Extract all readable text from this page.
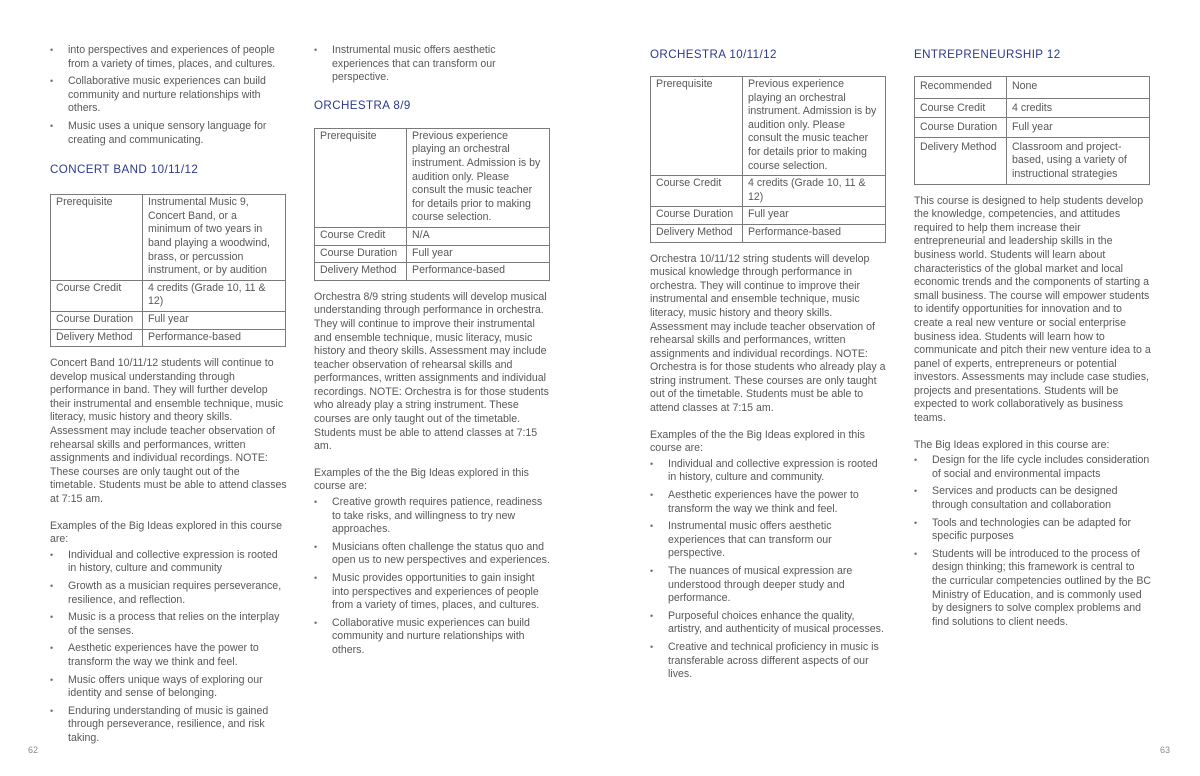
• into perspectives and experiences of people from a variety of times, places, and cultures.
• Collaborative music experiences can build community and nurture relationships with others.
• Music uses a unique sensory language for creating and communicating.
CONCERT BAND 10/11/12
Prerequisite	Instrumental Music 9, Concert Band, or a minimum of two years in band playing a woodwind, brass, or percussion instrument, or by audition
Course Credit	4 credits (Grade 10, 11 & 12)
Course Duration	Full year
Delivery Method	Performance-based

Concert Band 10/11/12 students will continue to develop musical understanding through performance in band. They will further develop their instrumental and ensemble technique, music literacy, music history and theory skills. Assessment may include teacher observation of rehearsal skills and performances, written assignments and individual recordings. NOTE: These courses are only taught out of the timetable. Students must be able to attend classes at 7:15 am.

Examples of the Big Ideas explored in this course are:

• Individual and collective expression is rooted in history, culture and community
• Growth as a musician requires perseverance, resilience, and reflection.
• Music is a process that relies on the interplay of the senses.
• Aesthetic experiences have the power to transform the way we think and feel.
• Music offers unique ways of exploring our identity and sense of belonging.
• Enduring understanding of music is gained through perseverance, resilience, and risk taking.
• Instrumental music offers aesthetic experiences that can transform our perspective.
ORCHESTRA 8/9
Prerequisite	Previous experience playing an orchestral instrument. Admission is by audition only. Please consult the music teacher for details prior to making course selection.
Course Credit	N/A
Course Duration	Full year
Delivery Method	Performance-based

Orchestra 8/9 string students will develop musical understanding through performance in orchestra. They will continue to improve their instrumental and ensemble technique, music literacy, music history and theory skills. Assessment may include teacher observation of rehearsal skills and performances, written assignments and individual recordings. NOTE: Orchestra is for those students who already play a string instrument. These courses are only taught out of the timetable. Students must be able to attend classes at 7:15 am.

Examples of the the Big Ideas explored in this course are:

• Creative growth requires patience, readiness to take risks, and willingness to try new approaches.
• Musicians often challenge the status quo and open us to new perspectives and experiences.
• Music provides opportunities to gain insight into perspectives and experiences of people from a variety of times, places, and cultures.
• Collaborative music experiences can build community and nurture relationships with others.
ORCHESTRA 10/11/12
Prerequisite	Previous experience playing an orchestral instrument. Admission is by audition only. Please consult the music teacher for details prior to making course selection.
Course Credit	4 credits (Grade 10, 11 & 12)
Course Duration	Full year
Delivery Method	Performance-based

Orchestra 10/11/12 string students will develop musical knowledge through performance in orchestra. They will continue to improve their instrumental and ensemble technique, music literacy, music history and theory skills. Assessment may include teacher observation of rehearsal skills and performances, written assignments and individual recordings. NOTE: Orchestra is for those students who already play a string instrument. These courses are only taught out of the timetable. Students must be able to attend classes at 7:15 am.

Examples of the the Big Ideas explored in this course are:

• Individual and collective expression is rooted in history, culture and community.
• Aesthetic experiences have the power to transform the way we think and feel.
• Instrumental music offers aesthetic experiences that can transform our perspective.
• The nuances of musical expression are understood through deeper study and performance.
• Purposeful choices enhance the quality, artistry, and authenticity of musical processes.
• Creative and technical proficiency in music is transferable across different aspects of our lives.
ENTREPRENEURSHIP 12
Recommended	None
Course Credit	4 credits
Course Duration	Full year
Delivery Method	Classroom and project-based, using a variety of instructional strategies

This course is designed to help students develop the knowledge, competencies, and attitudes required to help them increase their entrepreneurial and leadership skills in the business world. Students will learn about characteristics of the global market and local economic trends and the components of starting a small business. The course will empower students to identify opportunities for innovation and to create a real new venture or social enterprise business idea. Students will learn how to communicate and pitch their new venture idea to a panel of experts, entrepreneurs or potential investors. Assessments may include case studies, projects and presentations. Students will be expected to work collaboratively as business teams.

The Big Ideas explored in this course are:

• Design for the life cycle includes consideration of social and environmental impacts
• Services and products can be designed through consultation and collaboration
• Tools and technologies can be adapted for specific purposes
• Students will be introduced to the process of design thinking; this framework is central to the curricular competencies outlined by the BC Ministry of Education, and is commonly used by designers to solve complex problems and find solutions to client needs.
62	63
